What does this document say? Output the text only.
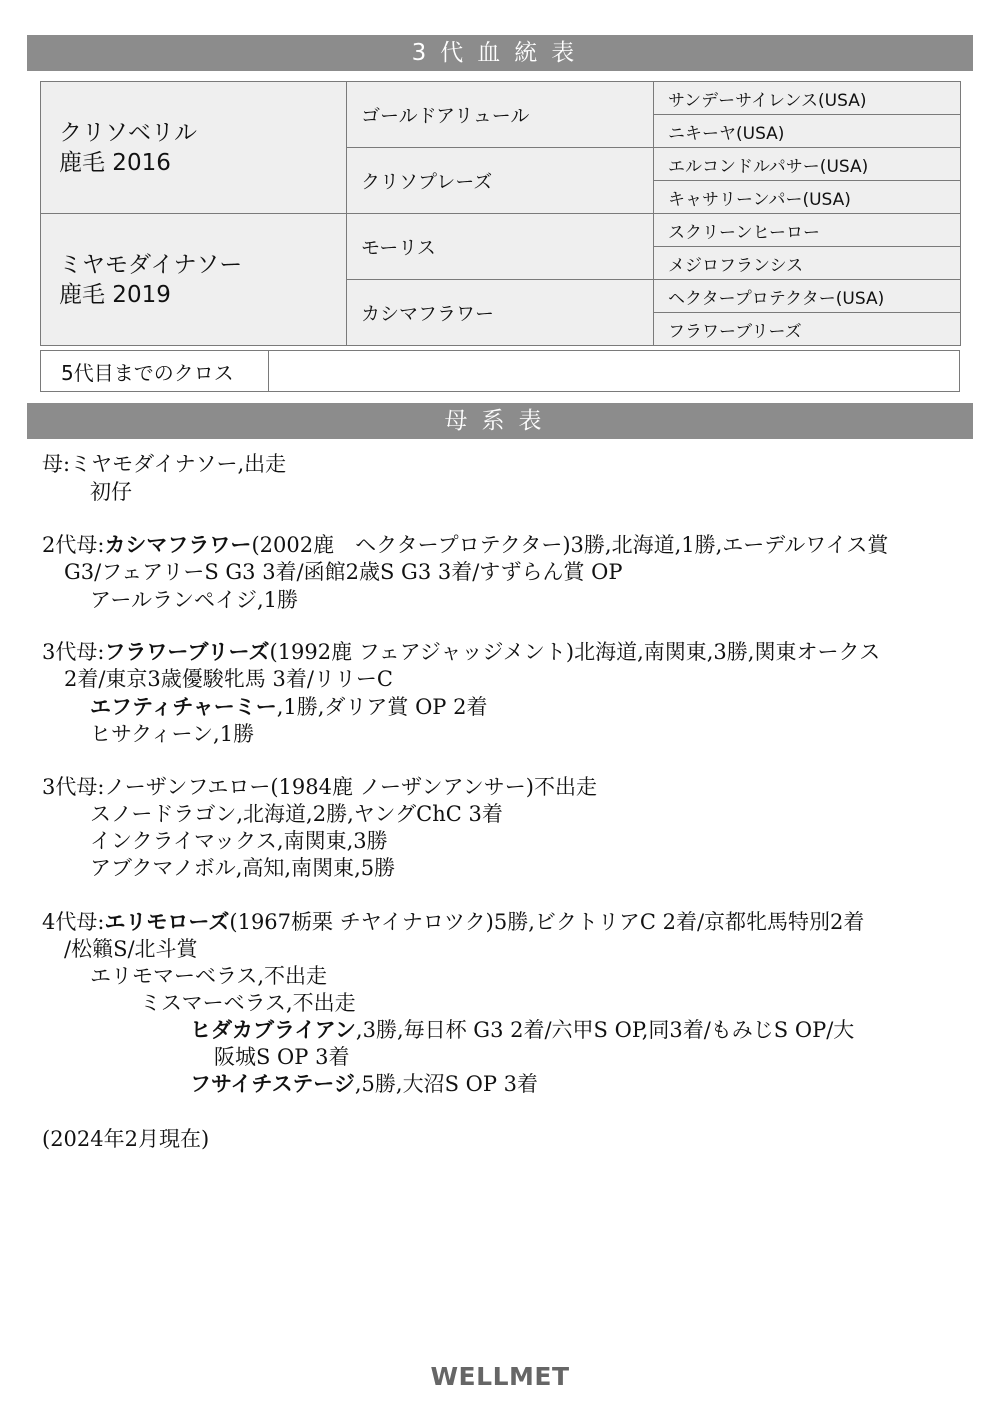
3代血統表
クリソベリル
鹿毛 2016	ゴールドアリュール	サンデーサイレンス(USA)
		ニキーヤ(USA)
	クリソプレーズ	エルコンドルパサー(USA)
		キャサリーンパー(USA)

ミヤモダイナソー
鹿毛 2019	モーリス	スクリーンヒーロー
		メジロフランシス
	カシマフラワー	ヘクタープロテクター(USA)
		フラワーブリーズ
5代目までのクロス	
母系表
母:ミヤモダイナソー,出走
初仔
2代母:カシマフラワー(2002鹿　ヘクタープロテクター)3勝,北海道,1勝,エーデルワイス賞
G3/フェアリーS G3 3着/函館2歳S G3 3着/すずらん賞 OP
アールランペイジ,1勝
3代母:フラワーブリーズ(1992鹿 フェアジャッジメント)北海道,南関東,3勝,関東オークス
2着/東京3歳優駿牝馬 3着/リリーC
エフティチャーミー,1勝,ダリア賞 OP 2着
ヒサクィーン,1勝
3代母:ノーザンフエロー(1984鹿 ノーザンアンサー)不出走
スノードラゴン,北海道,2勝,ヤングChC 3着
インクライマックス,南関東,3勝
アブクマノボル,高知,南関東,5勝
4代母:エリモローズ(1967栃栗 チヤイナロツク)5勝,ビクトリアC 2着/京都牝馬特別2着
/松籟S/北斗賞
エリモマーベラス,不出走
ミスマーベラス,不出走
ヒダカブライアン,3勝,毎日杯 G3 2着/六甲S OP,同3着/もみじS OP/大
阪城S OP 3着
フサイチステージ,5勝,大沼S OP 3着
(2024年2月現在)
WELLMET
